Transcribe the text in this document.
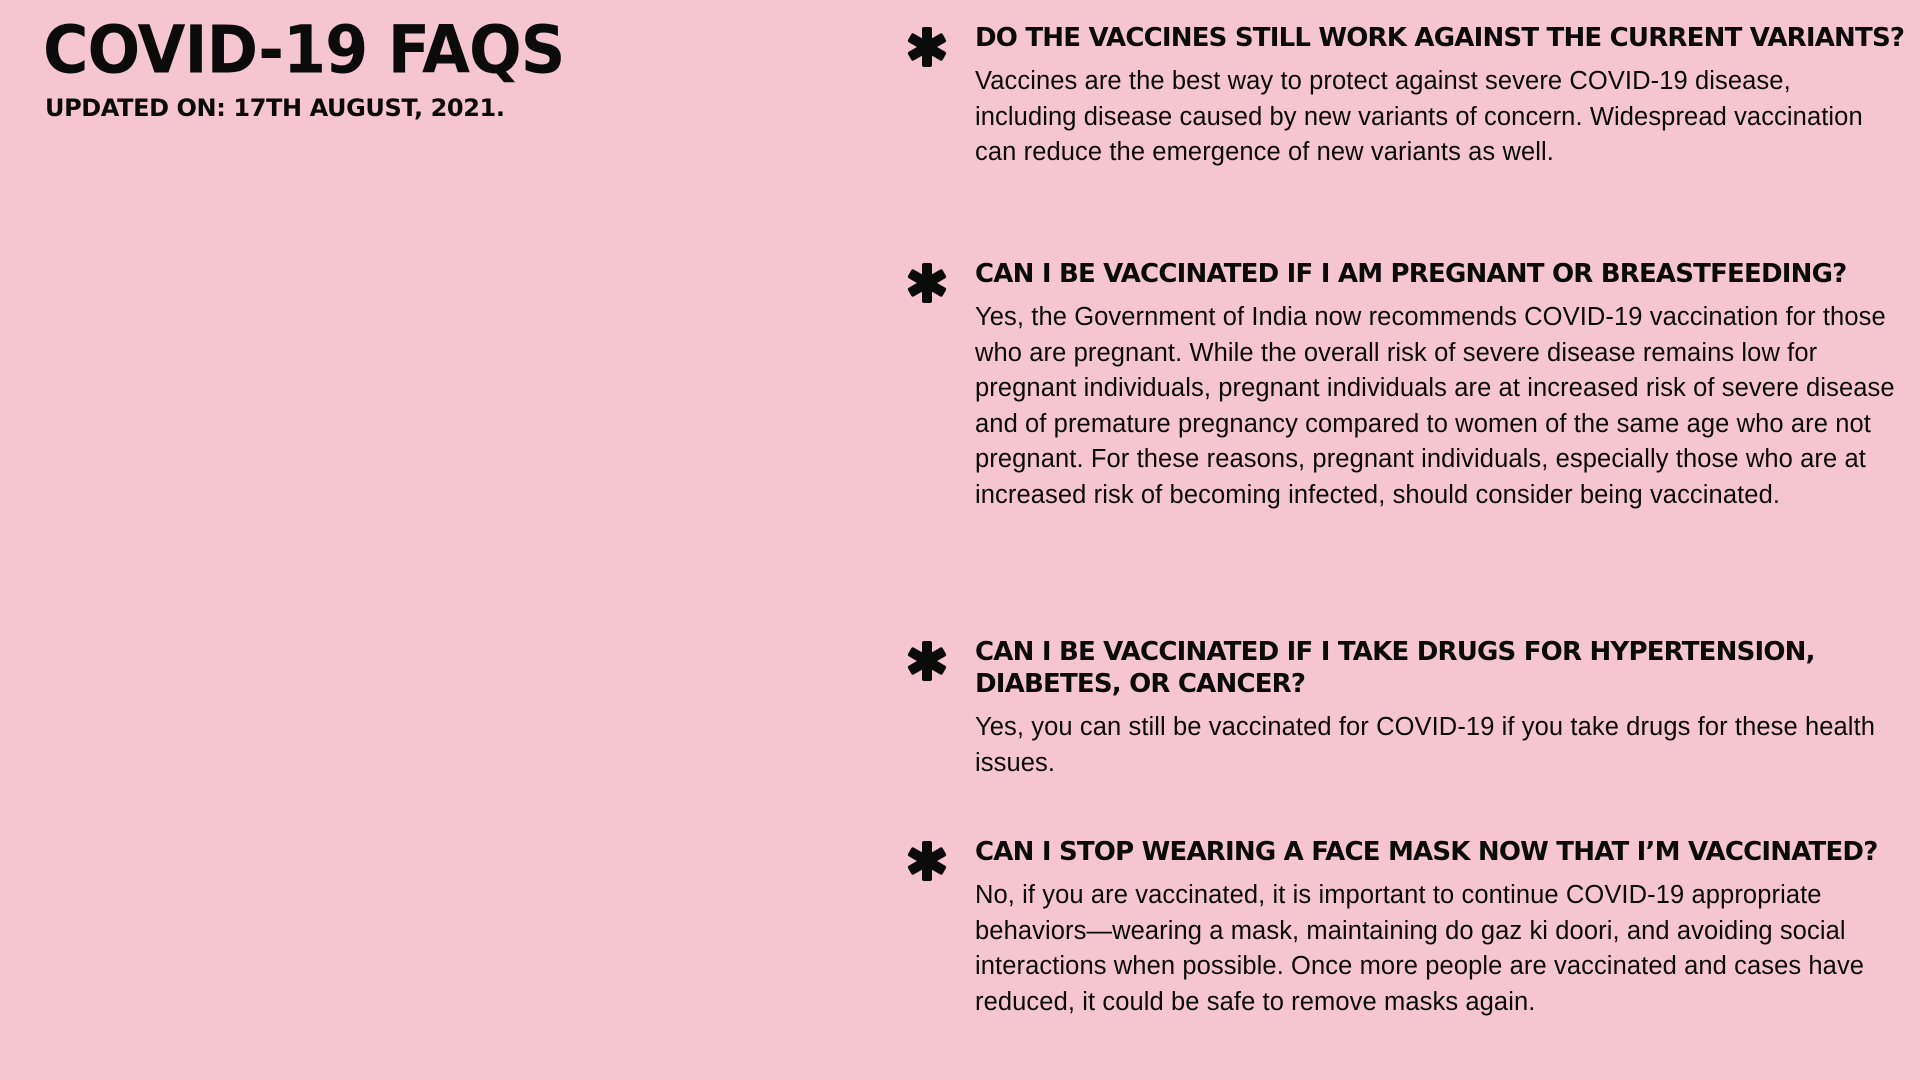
COVID-19 FAQS
UPDATED ON: 17TH AUGUST, 2021.
DO THE VACCINES STILL WORK AGAINST THE CURRENT VARIANTS?

Vaccines are the best way to protect against severe COVID-19 disease, including disease caused by new variants of concern. Widespread vaccination can reduce the emergence of new variants as well.

CAN I BE VACCINATED IF I AM PREGNANT OR BREASTFEEDING?

Yes, the Government of India now recommends COVID-19 vaccination for those who are pregnant. While the overall risk of severe disease remains low for pregnant individuals, pregnant individuals are at increased risk of severe disease and of premature pregnancy compared to women of the same age who are not pregnant. For these reasons, pregnant individuals, especially those who are at increased risk of becoming infected, should consider being vaccinated.

CAN I BE VACCINATED IF I TAKE DRUGS FOR HYPERTENSION, DIABETES, OR CANCER?

Yes, you can still be vaccinated for COVID-19 if you take drugs for these health issues.

CAN I STOP WEARING A FACE MASK NOW THAT I’M VACCINATED?

No, if you are vaccinated, it is important to continue COVID-19 appropriate behaviors—wearing a mask, maintaining do gaz ki doori, and avoiding social interactions when possible. Once more people are vaccinated and cases have reduced, it could be safe to remove masks again.
